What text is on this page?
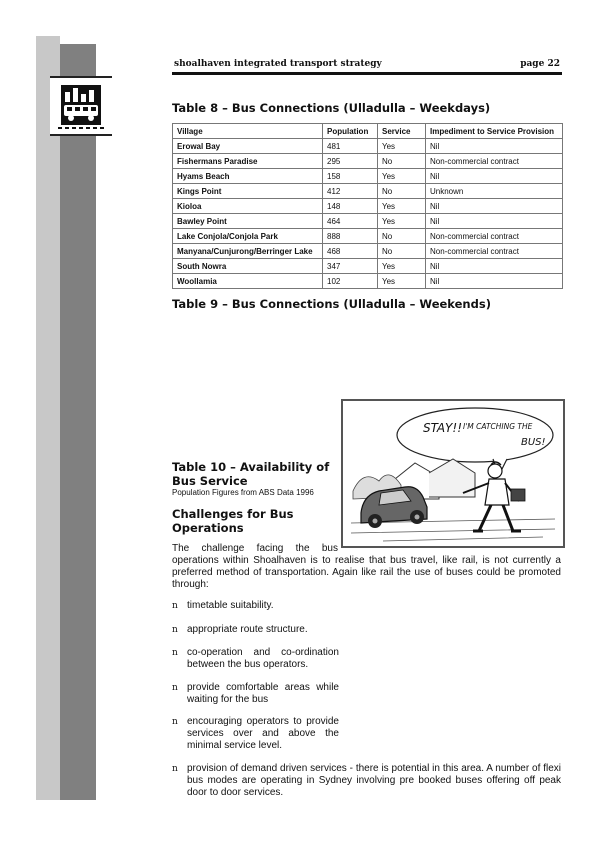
shoalhaven integrated transport strategy	page 22
Table 8 – Bus Connections (Ulladulla – Weekdays)
Village	Population	Service	Impediment to Service Provision
Erowal Bay	481	Yes	Nil
Fishermans Paradise	295	No	Non-commercial contract
Hyams Beach	158	Yes	Nil
Kings Point	412	No	Unknown
Kioloa	148	Yes	Nil
Bawley Point	464	Yes	Nil
Lake Conjola/Conjola Park	888	No	Non-commercial contract
Manyana/Cunjurong/Berringer Lake	468	No	Non-commercial contract
South Nowra	347	Yes	Nil
Woollamia	102	Yes	Nil
Table 9 – Bus Connections (Ulladulla – Weekends)
STAY!! I'M CATCHING THE
BUS!
Table 10 – Availability of Bus Service
Population Figures from ABS Data 1996
Challenges for Bus Operations
The challenge facing the bus
operations within Shoalhaven is to realise that bus travel, like rail, is not currently a preferred method of transportation. Again like rail the use of buses could be promoted through:
n timetable suitability.
n appropriate route structure.
n co-operation and co-ordination between the bus operators.
n provide comfortable areas while waiting for the bus
n encouraging operators to provide services over and above the minimal service level.
n provision of demand driven services - there is potential in this area. A number of flexi bus modes are operating in Sydney involving pre booked buses offering off peak door to door services.
